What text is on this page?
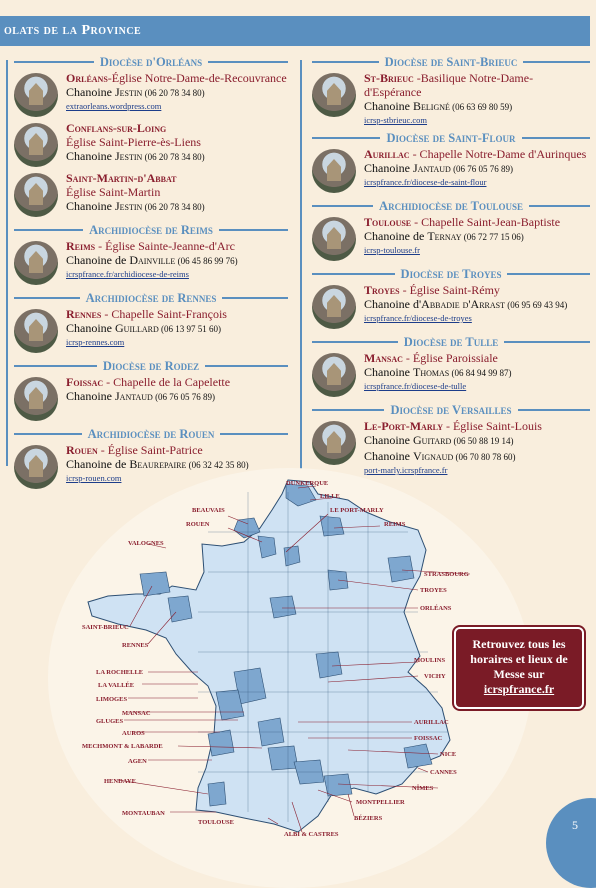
olats de la Province
Diocèse d'Orléans
Orléans-Église Notre-Dame-de-Recouvrance
Chanoine Jestin (06 20 78 34 80)
extraorleans.wordpress.com
Conflans-sur-Loing
Église Saint-Pierre-ès-Liens
Chanoine Jestin (06 20 78 34 80)
Saint-Martin-d'Abbat
Église Saint-Martin
Chanoine Jestin (06 20 78 34 80)
Archidiocèse de Reims
Reims - Église Sainte-Jeanne-d'Arc
Chanoine de Dainville (06 45 86 99 76)
icrspfrance.fr/archidiocese-de-reims
Archidiocèse de Rennes
Rennes - Chapelle Saint-François
Chanoine Guillard (06 13 97 51 60)
icrsp-rennes.com
Diocèse de Rodez
Foissac - Chapelle de la Capelette
Chanoine Jantaud (06 76 05 76 89)
Archidiocèse de Rouen
Rouen - Église Saint-Patrice
Chanoine de Beaurepaire (06 32 42 35 80)
icrsp-rouen.com
Diocèse de Saint-Brieuc
St-Brieuc -Basilique Notre-Dame-d'Espérance
Chanoine Beligné (06 63 69 80 59)
icrsp-stbrieuc.com
Diocèse de Saint-Flour
Aurillac - Chapelle Notre-Dame d'Aurinques
Chanoine Jantaud (06 76 05 76 89)
icrspfrance.fr/diocese-de-saint-flour
Archidiocèse de Toulouse
Toulouse - Chapelle Saint-Jean-Baptiste
Chanoine de Ternay (06 72 77 15 06)
icrsp-toulouse.fr
Diocèse de Troyes
Troyes - Église Saint-Rémy
Chanoine d'Abbadie d'Arrast (06 95 69 43 94)
icrspfrance.fr/diocese-de-troyes
Diocèse de Tulle
Mansac - Église Paroissiale
Chanoine Thomas (06 84 94 99 87)
icrspfrance.fr/diocese-de-tulle
Diocèse de Versailles
Le-Port-Marly - Église Saint-Louis
Chanoine Guitard (06 50 88 19 14)
Chanoine Vignaud (06 70 80 78 60)
port-marly.icrspfrance.fr
DUNKERQUE
LILLE
BEAUVAIS	LE PORT-MARLY
ROUEN	REIMS
VALOGNES
STRASBOURG
TROYES
ORLÉANS
SAINT-BRIEUC
RENNES
MOULINS
LA ROCHELLE
VICHY
LA VALLÉE
LIMOGES
MANSAC
GLUGES	AURILLAC
AUROS
FOISSAC
MECHMONT & LABARDE
NICE
AGEN
CANNES
HENDAYE
NÎMES
MONTPELLIER
MONTAUBAN
BÉZIERS
TOULOUSE
ALBI & CASTRES
Retrouvez tous les
horaires et lieux de
Messe sur
icrspfrance.fr
5
